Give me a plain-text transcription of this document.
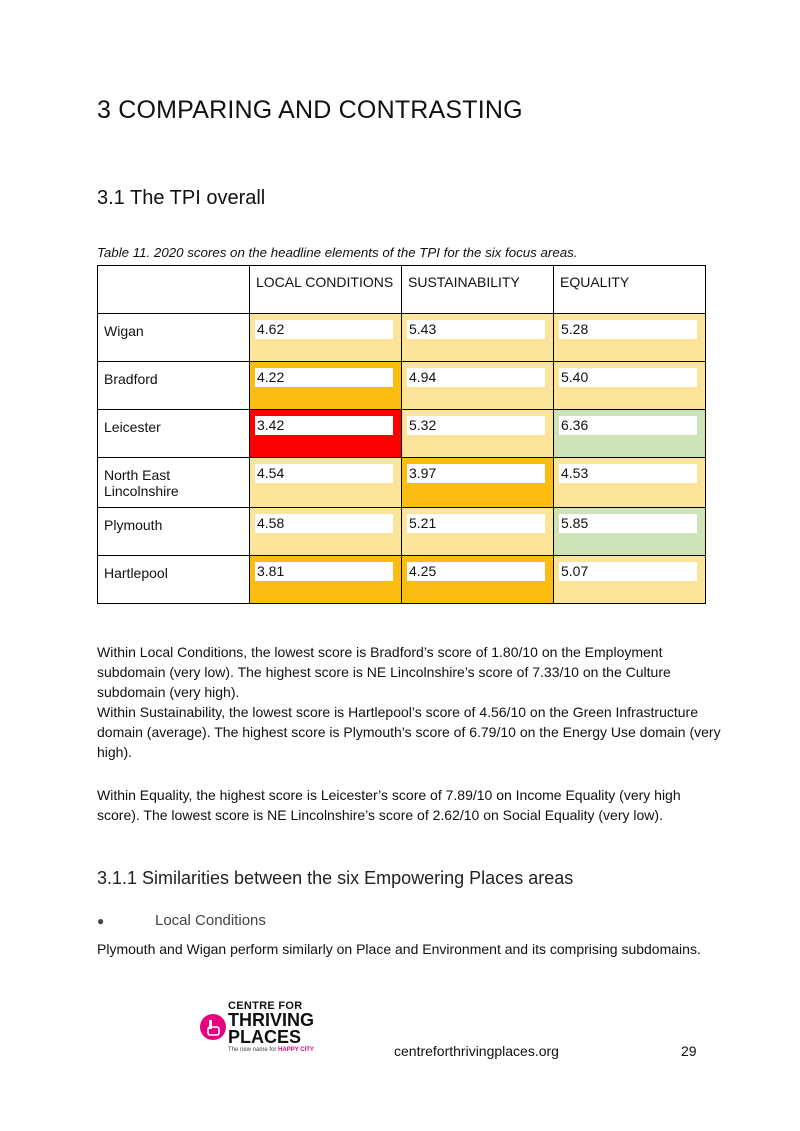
3 COMPARING AND CONTRASTING
3.1 The TPI overall
Table 11. 2020 scores on the headline elements of the TPI for the six focus areas.
	LOCAL CONDITIONS	SUSTAINABILITY	EQUALITY
Wigan	4.62	5.43	5.28

Bradford	4.22	4.94	5.40

Leicester	3.42	5.32	6.36

North East Lincolnshire	4.54	3.97	4.53

Plymouth	4.58	5.21	5.85

Hartlepool	3.81	4.25	5.07
Within Local Conditions, the lowest score is Bradford’s score of 1.80/10 on the Employment subdomain (very low). The highest score is NE Lincolnshire’s score of 7.33/10 on the Culture subdomain (very high).
Within Sustainability, the lowest score is Hartlepool’s score of 4.56/10 on the Green Infrastructure domain (average). The highest score is Plymouth’s score of 6.79/10 on the Energy Use domain (very high).
Within Equality, the highest score is Leicester’s score of 7.89/10 on Income Equality (very high score). The lowest score is NE Lincolnshire’s score of 2.62/10 on Social Equality (very low).
3.1.1 Similarities between the six Empowering Places areas
●	Local Conditions
Plymouth and Wigan perform similarly on Place and Environment and its comprising subdomains.
CENTRE FOR
THRIVING
PLACES
The new name for HAPPY CITY	centreforthrivingplaces.org	29
